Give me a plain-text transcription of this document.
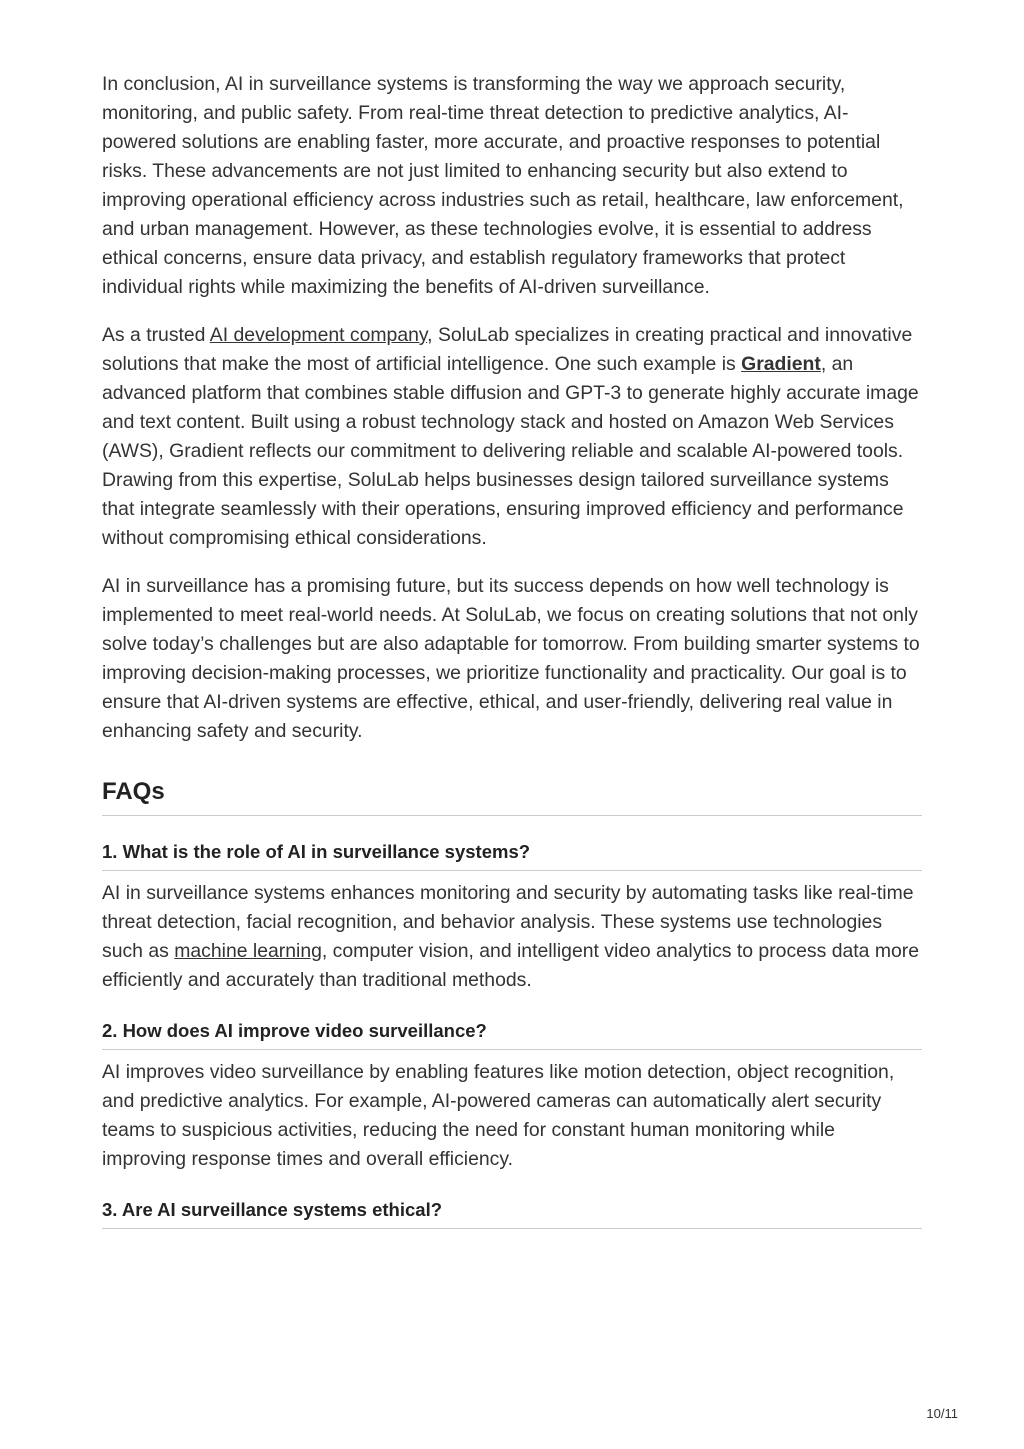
In conclusion, AI in surveillance systems is transforming the way we approach security, monitoring, and public safety. From real-time threat detection to predictive analytics, AI-powered solutions are enabling faster, more accurate, and proactive responses to potential risks. These advancements are not just limited to enhancing security but also extend to improving operational efficiency across industries such as retail, healthcare, law enforcement, and urban management. However, as these technologies evolve, it is essential to address ethical concerns, ensure data privacy, and establish regulatory frameworks that protect individual rights while maximizing the benefits of AI-driven surveillance.

As a trusted AI development company, SoluLab specializes in creating practical and innovative solutions that make the most of artificial intelligence. One such example is Gradient, an advanced platform that combines stable diffusion and GPT-3 to generate highly accurate image and text content. Built using a robust technology stack and hosted on Amazon Web Services (AWS), Gradient reflects our commitment to delivering reliable and scalable AI-powered tools. Drawing from this expertise, SoluLab helps businesses design tailored surveillance systems that integrate seamlessly with their operations, ensuring improved efficiency and performance without compromising ethical considerations.

AI in surveillance has a promising future, but its success depends on how well technology is implemented to meet real-world needs. At SoluLab, we focus on creating solutions that not only solve today’s challenges but are also adaptable for tomorrow. From building smarter systems to improving decision-making processes, we prioritize functionality and practicality. Our goal is to ensure that AI-driven systems are effective, ethical, and user-friendly, delivering real value in enhancing safety and security.

FAQs
1. What is the role of AI in surveillance systems?

AI in surveillance systems enhances monitoring and security by automating tasks like real-time threat detection, facial recognition, and behavior analysis. These systems use technologies such as machine learning, computer vision, and intelligent video analytics to process data more efficiently and accurately than traditional methods.

2. How does AI improve video surveillance?

AI improves video surveillance by enabling features like motion detection, object recognition, and predictive analytics. For example, AI-powered cameras can automatically alert security teams to suspicious activities, reducing the need for constant human monitoring while improving response times and overall efficiency.

3. Are AI surveillance systems ethical?
10/11
